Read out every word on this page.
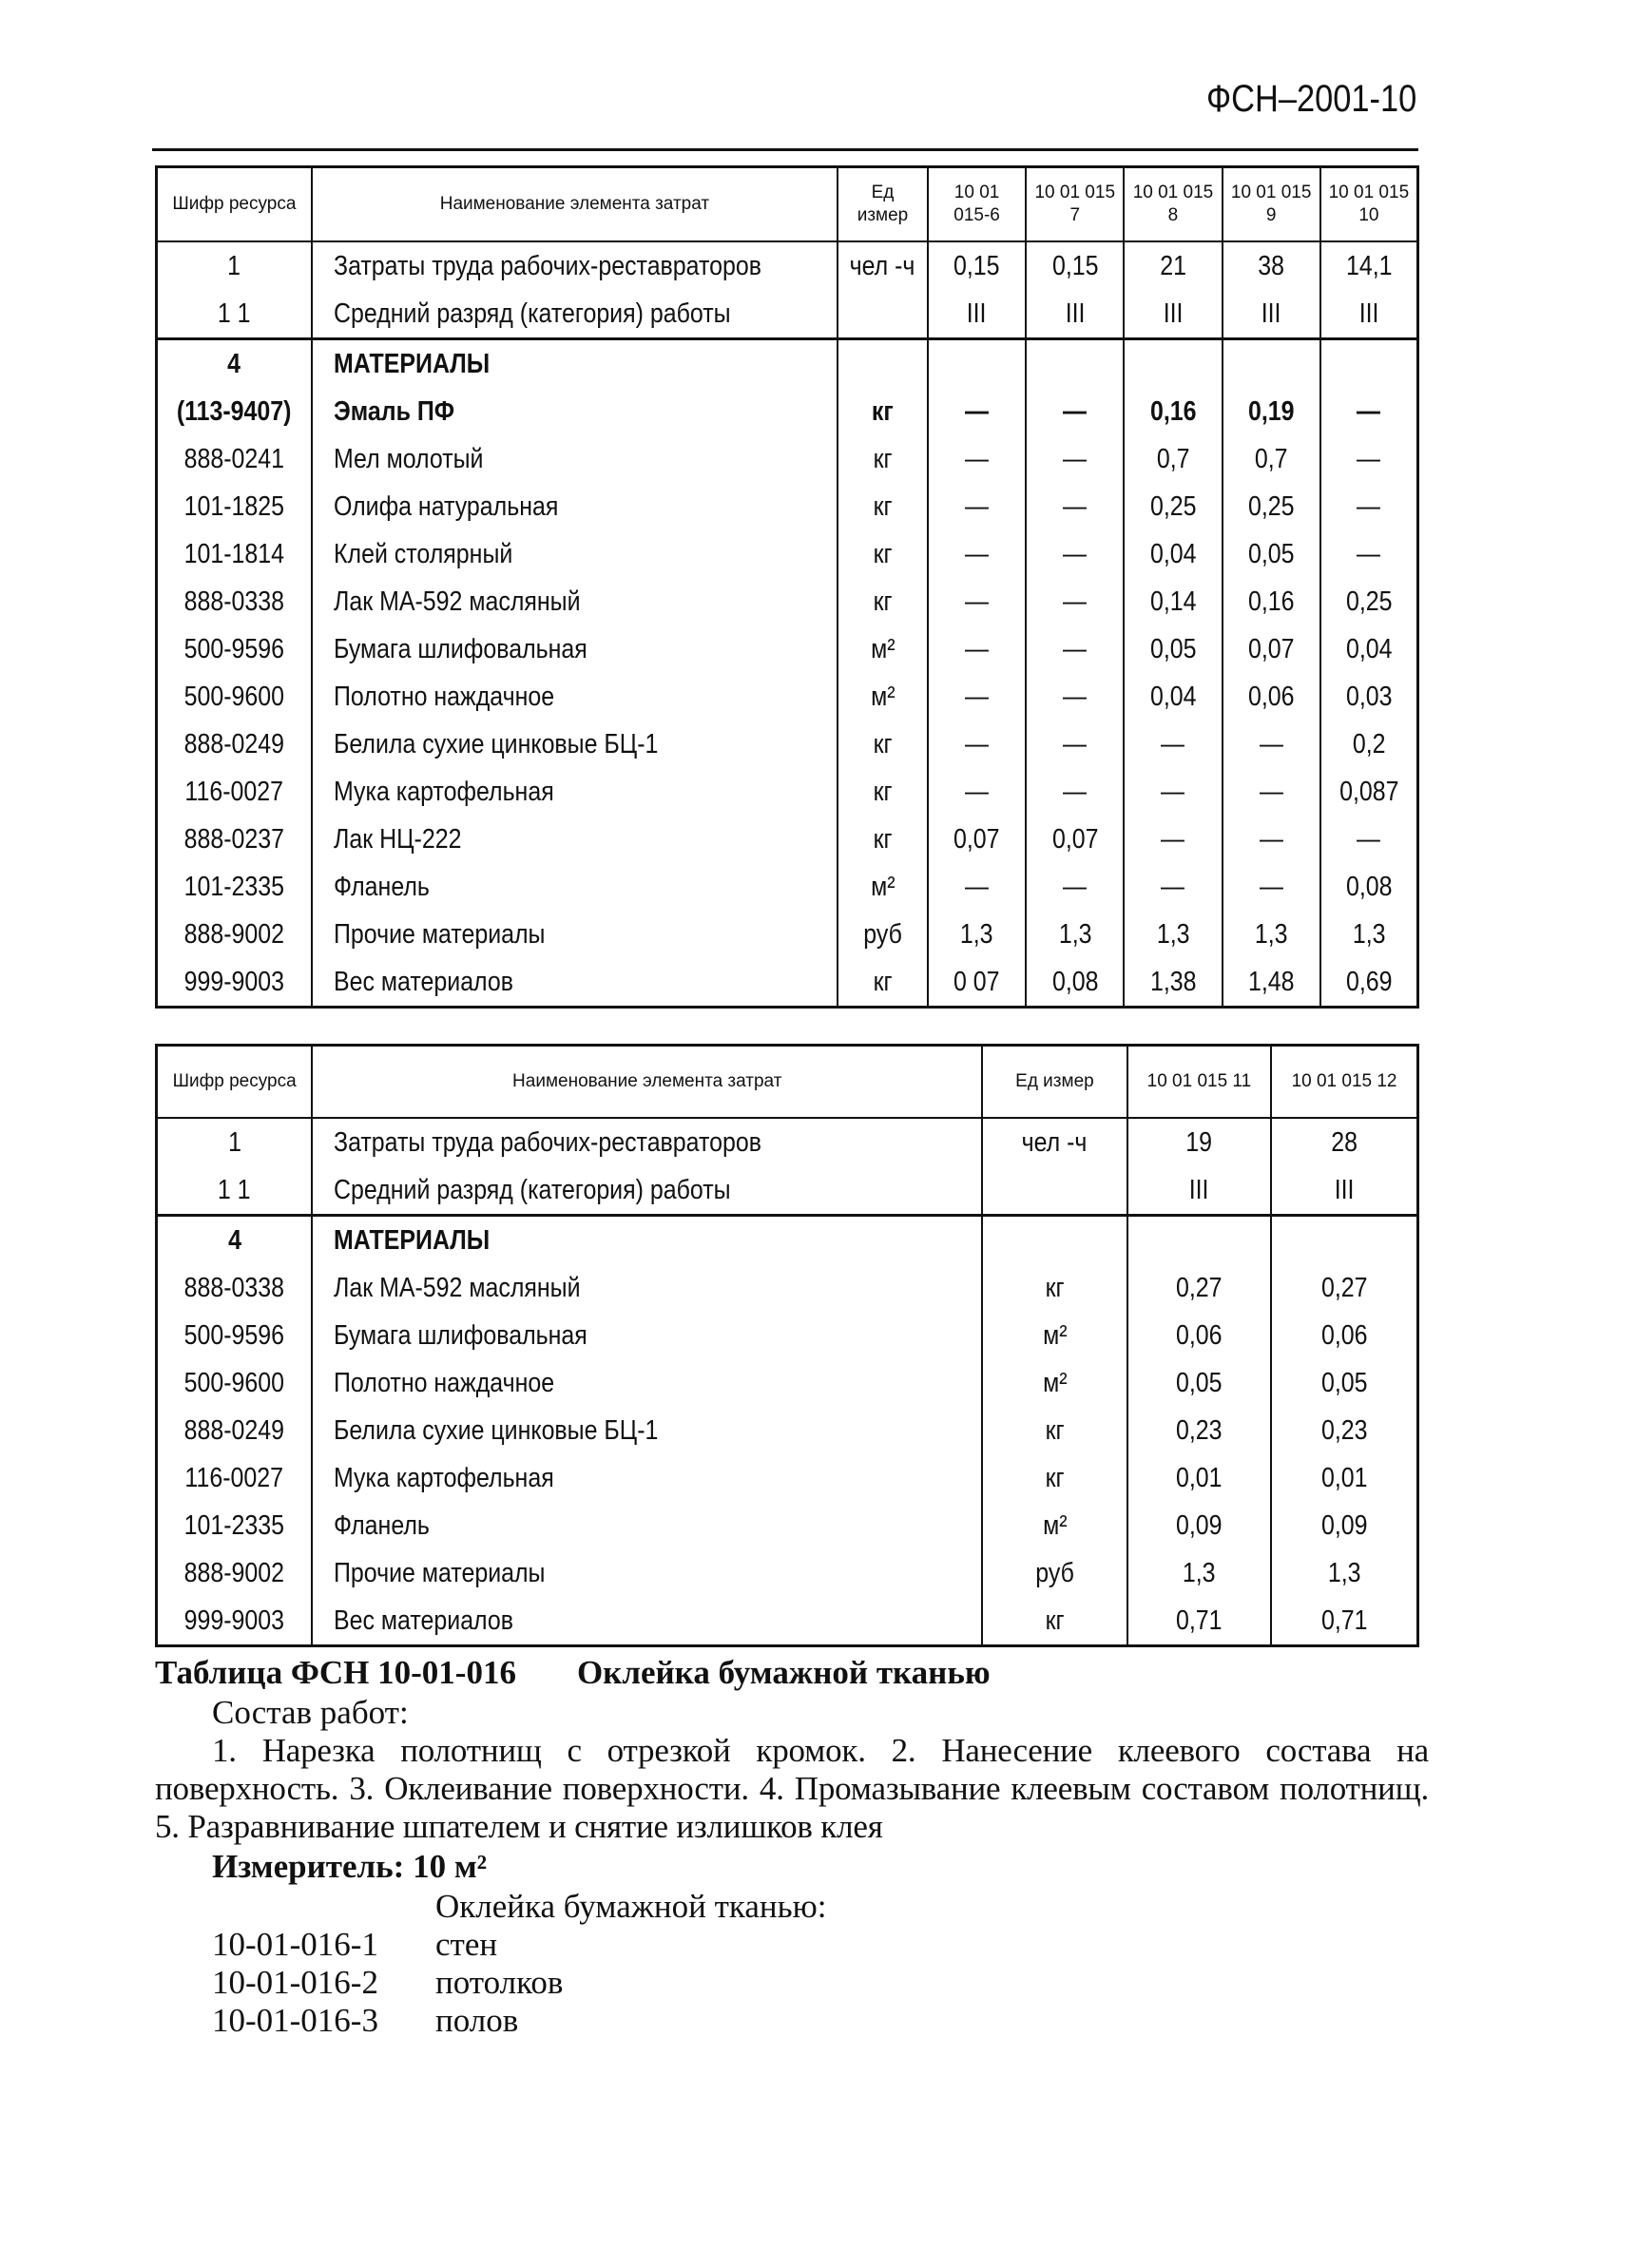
ФСН–2001-10
Шифр ресурса	Наименование элемента затрат	Ед измер	10 01 015-6	10 01 015 7	10 01 015 8	10 01 015 9	10 01 015 10
1	Затраты труда рабочих-реставраторов	чел -ч	0,15	0,15	21	38	14,1
1 1	Средний разряд (категория) работы		III	III	III	III	III
4	МАТЕРИАЛЫ						
(113-9407)	Эмаль ПФ	кг	—	—	0,16	0,19	—
888-0241	Мел молотый	кг	—	—	0,7	0,7	—
101-1825	Олифа натуральная	кг	—	—	0,25	0,25	—
101-1814	Клей столярный	кг	—	—	0,04	0,05	—
888-0338	Лак МА-592 масляный	кг	—	—	0,14	0,16	0,25
500-9596	Бумага шлифовальная	м²	—	—	0,05	0,07	0,04
500-9600	Полотно наждачное	м²	—	—	0,04	0,06	0,03
888-0249	Белила сухие цинковые БЦ-1	кг	—	—	—	—	0,2
116-0027	Мука картофельная	кг	—	—	—	—	0,087
888-0237	Лак НЦ-222	кг	0,07	0,07	—	—	—
101-2335	Фланель	м²	—	—	—	—	0,08
888-9002	Прочие материалы	руб	1,3	1,3	1,3	1,3	1,3
999-9003	Вес материалов	кг	0 07	0,08	1,38	1,48	0,69
Шифр ресурса	Наименование элемента затрат	Ед измер	10 01 015 11	10 01 015 12
1	Затраты труда рабочих-реставраторов	чел -ч	19	28
1 1	Средний разряд (категория) работы		III	III
4	МАТЕРИАЛЫ			
888-0338	Лак МА-592 масляный	кг	0,27	0,27
500-9596	Бумага шлифовальная	м²	0,06	0,06
500-9600	Полотно наждачное	м²	0,05	0,05
888-0249	Белила сухие цинковые БЦ-1	кг	0,23	0,23
116-0027	Мука картофельная	кг	0,01	0,01
101-2335	Фланель	м²	0,09	0,09
888-9002	Прочие материалы	руб	1,3	1,3
999-9003	Вес материалов	кг	0,71	0,71
Таблица ФСН 10-01-016 Оклейка бумажной тканью
Состав работ:
1. Нарезка полотнищ с отрезкой кромок. 2. Нанесение клеевого состава на поверхность. 3. Оклеивание поверхности. 4. Промазывание клеевым составом полотнищ. 5. Разравнивание шпателем и снятие излишков клея
Измеритель: 10 м²
Оклейка бумажной тканью:
10-01-016-1 стен
10-01-016-2 потолков
10-01-016-3 полов
